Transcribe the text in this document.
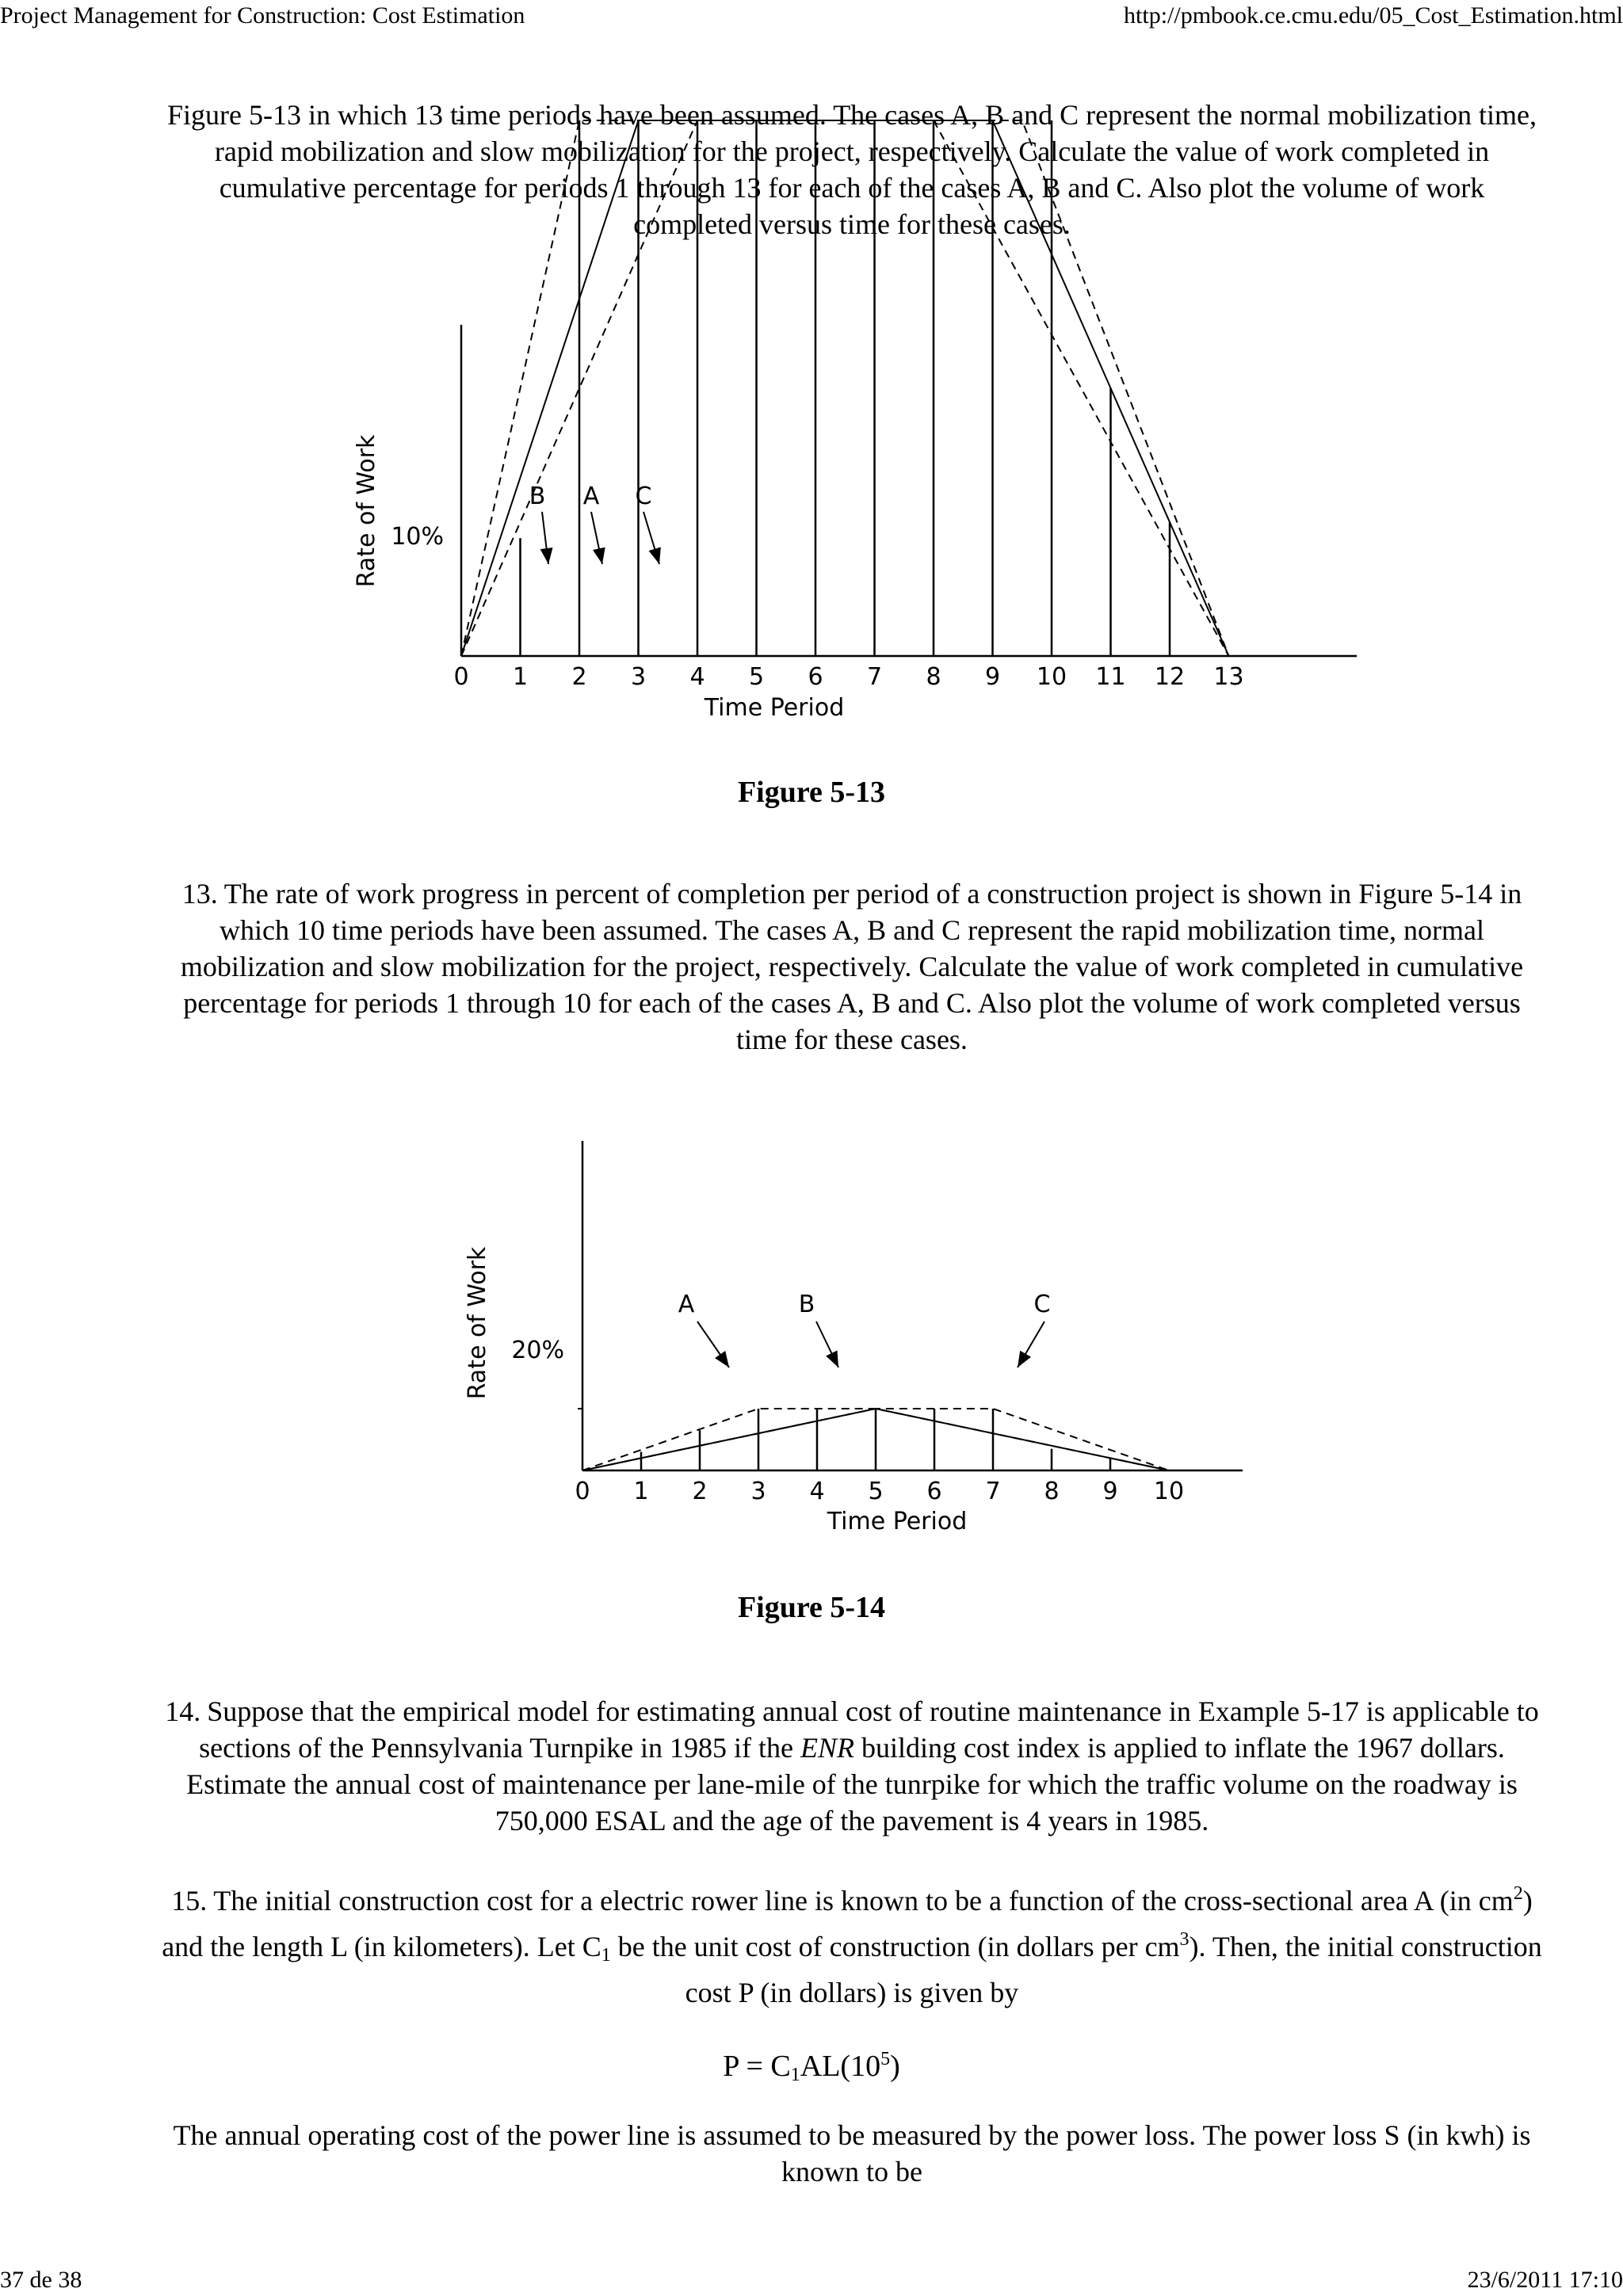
Project Management for Construction: Cost Estimation	http://pmbook.ce.cmu.edu/05_Cost_Estimation.html
Figure 5-13 in which 13 time periods have been assumed. The cases A, B and C represent the normal mobilization time, rapid mobilization and slow mobilization for the project, respectively. Calculate the value of work completed in cumulative percentage for periods 1 through 13 for each of the cases A, B and C. Also plot the volume of work completed versus time for these cases.
0 1 2 3 4 5 6 7 8 9 10 11 12 13
Rate of Work 10%
Time Period
B A C
Figure 5-13
13. The rate of work progress in percent of completion per period of a construction project is shown in Figure 5-14 in which 10 time periods have been assumed. The cases A, B and C represent the rapid mobilization time, normal mobilization and slow mobilization for the project, respectively. Calculate the value of work completed in cumulative percentage for periods 1 through 10 for each of the cases A, B and C. Also plot the volume of work completed versus time for these cases.
0 1 2 3 4 5 6 7 8 9 10
Rate of Work 20%
Time Period
A	B	C
Figure 5-14
14. Suppose that the empirical model for estimating annual cost of routine maintenance in Example 5-17 is applicable to sections of the Pennsylvania Turnpike in 1985 if the ENR building cost index is applied to inflate the 1967 dollars. Estimate the annual cost of maintenance per lane-mile of the tunrpike for which the traffic volume on the roadway is 750,000 ESAL and the age of the pavement is 4 years in 1985.
15. The initial construction cost for a electric rower line is known to be a function of the cross-sectional area A (in $cm^2$) and the length L (in kilometers). Let $C_1$ be the unit cost of construction (in dollars per $cm^3$). Then, the initial construction cost P (in dollars) is given by
$P = C_1AL(10^5)$
The annual operating cost of the power line is assumed to be measured by the power loss. The power loss S (in kwh) is known to be
37 de 38	23/6/2011 17:10
